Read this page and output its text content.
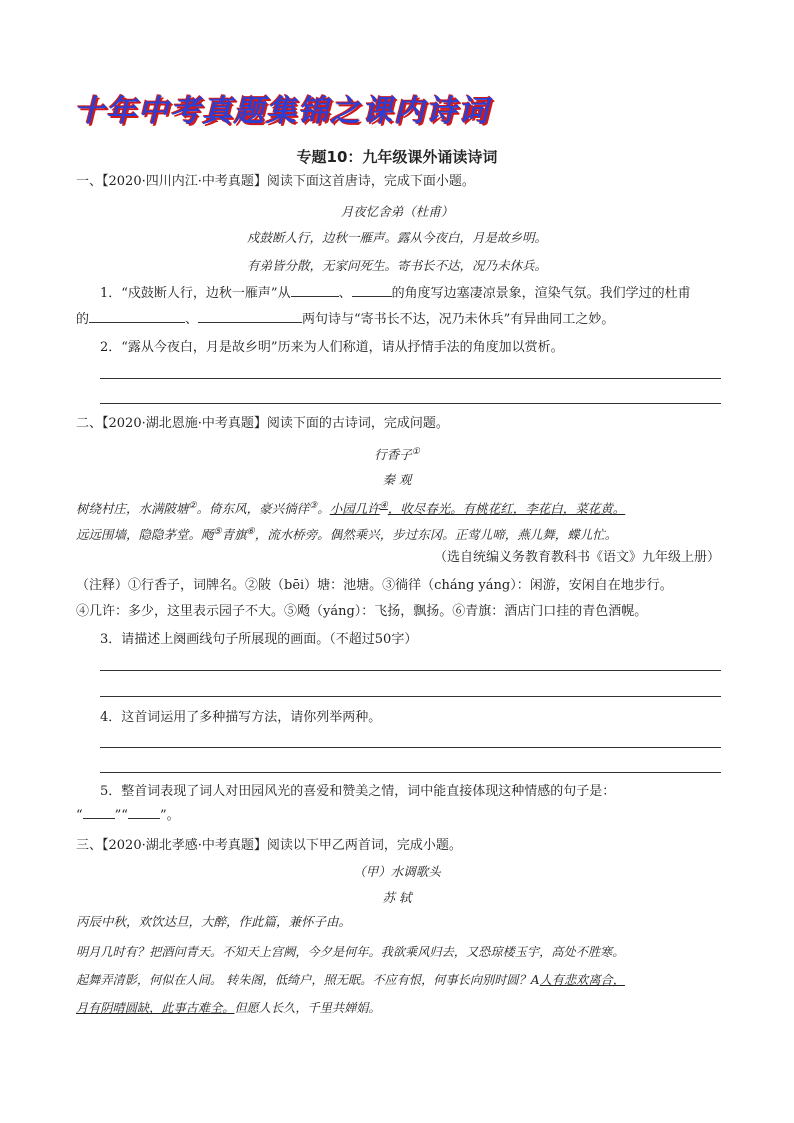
十年中考真题集锦之课内诗词
专题10：九年级课外诵读诗词
一、【2020·四川内江·中考真题】阅读下面这首唐诗，完成下面小题。
月夜忆舍弟（杜甫）
戍鼓断人行，边秋一雁声。露从今夜白，月是故乡明。
有弟皆分散，无家问死生。寄书长不达，况乃未休兵。
1．“戍鼓断人行，边秋一雁声”从	、	的角度写边塞凄凉景象，渲染气氛。我们学过的杜甫
的	、	两句诗与“寄书长不达，况乃未休兵”有异曲同工之妙。
2．“露从今夜白，月是故乡明”历来为人们称道，请从抒情手法的角度加以赏析。
二、【2020·湖北恩施·中考真题】阅读下面的古诗词，完成问题。
行香子①
秦 观
树绕村庄，水满陂塘②。倚东风，豪兴徜徉③。小园几许④，收尽春光。有桃花红，李花白，菜花黄。
远远围墙，隐隐茅堂。飏⑤青旗⑥，流水桥旁。偶然乘兴，步过东冈。正莺儿啼，燕儿舞，蝶儿忙。
（选自统编义务教育教科书《语文》九年级上册）
（注释）①行香子，词牌名。②陂（bēi）塘：池塘。③徜徉（cháng yáng）：闲游，安闲自在地步行。
④几许：多少，这里表示园子不大。⑤飏（yáng）：飞扬，飘扬。⑥青旗：酒店门口挂的青色酒幌。
3．请描述上阕画线句子所展现的画面。（不超过50字）
4．这首词运用了多种描写方法，请你列举两种。
5．整首词表现了词人对田园风光的喜爱和赞美之情，词中能直接体现这种情感的句子是：
“ ”“ ”。
三、【2020·湖北孝感·中考真题】阅读以下甲乙两首词，完成小题。
（甲）水调歌头
苏 轼
丙辰中秋，欢饮达旦，大醉，作此篇，兼怀子由。
明月几时有？把酒问青天。不知天上宫阙，今夕是何年。我欲乘风归去，又恐琼楼玉宇，高处不胜寒。
起舞弄清影，何似在人间。 转朱阁，低绮户，照无眠。不应有恨，何事长向别时圆？A人有悲欢离合，
月有阴晴圆缺，此事古难全。但愿人长久，千里共婵娟。
